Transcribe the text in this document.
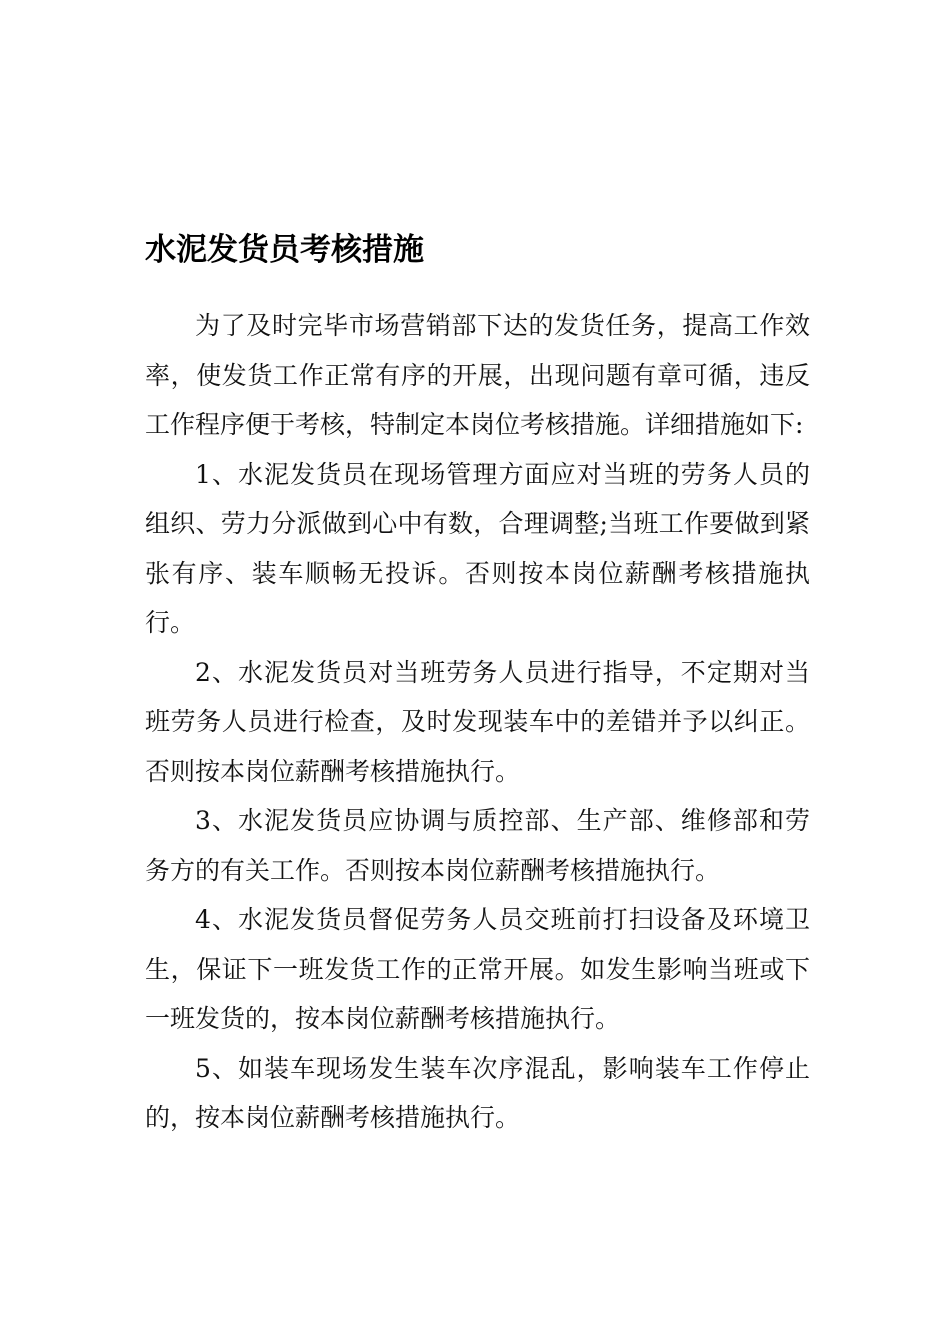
水泥发货员考核措施

为了及时完毕市场营销部下达的发货任务，提高工作效率，使发货工作正常有序的开展，出现问题有章可循，违反工作程序便于考核，特制定本岗位考核措施。详细措施如下:

1、水泥发货员在现场管理方面应对当班的劳务人员的组织、劳力分派做到心中有数，合理调整;当班工作要做到紧张有序、装车顺畅无投诉。否则按本岗位薪酬考核措施执行。

2、水泥发货员对当班劳务人员进行指导，不定期对当班劳务人员进行检查，及时发现装车中的差错并予以纠正。否则按本岗位薪酬考核措施执行。

3、水泥发货员应协调与质控部、生产部、维修部和劳务方的有关工作。否则按本岗位薪酬考核措施执行。

4、水泥发货员督促劳务人员交班前打扫设备及环境卫生，保证下一班发货工作的正常开展。如发生影响当班或下一班发货的，按本岗位薪酬考核措施执行。

5、如装车现场发生装车次序混乱，影响装车工作停止的，按本岗位薪酬考核措施执行。
